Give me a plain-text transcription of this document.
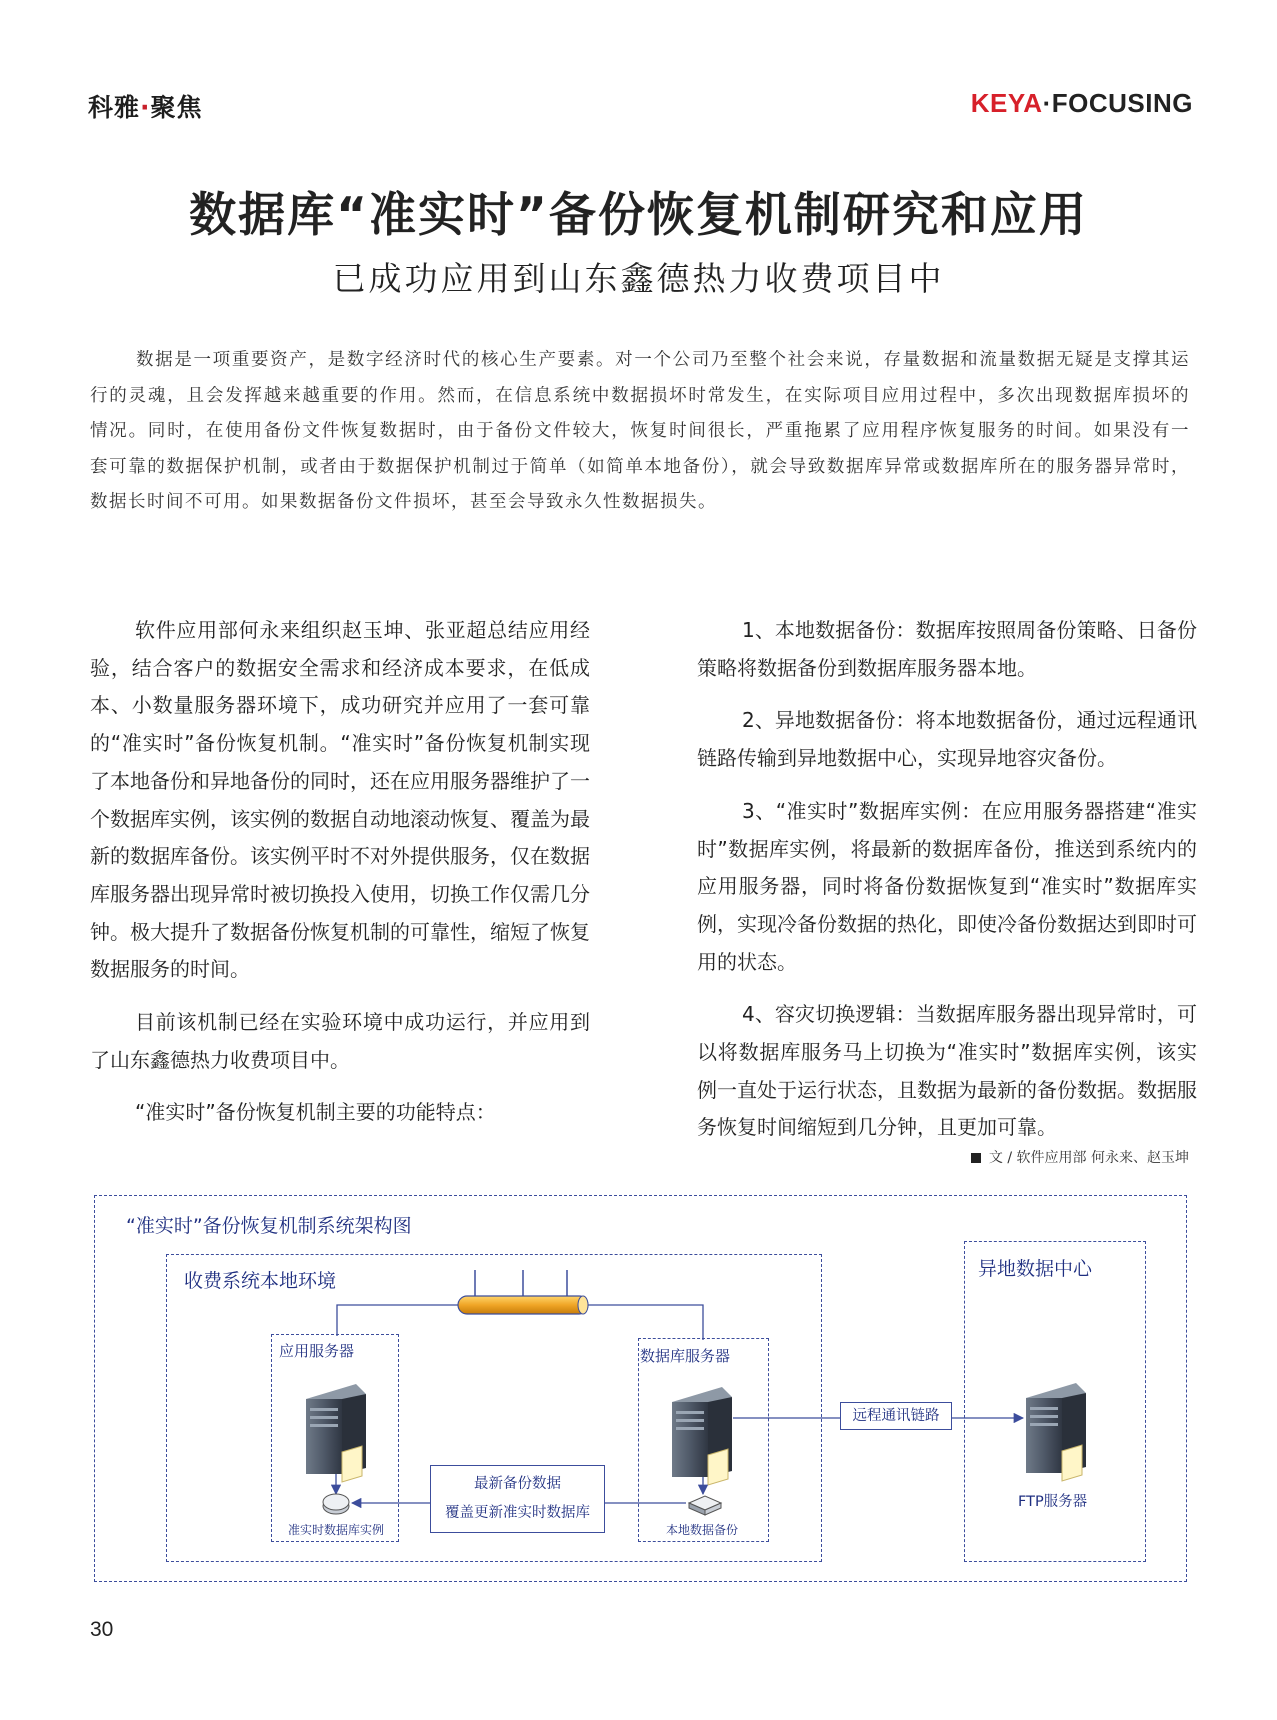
科雅·聚焦	KEYA·FOCUSING
数据库“准实时”备份恢复机制研究和应用
已成功应用到山东鑫德热力收费项目中

数据是一项重要资产，是数字经济时代的核心生产要素。对一个公司乃至整个社会来说，存量数据和流量数据无疑是支撑其运行的灵魂，且会发挥越来越重要的作用。然而，在信息系统中数据损坏时常发生，在实际项目应用过程中，多次出现数据库损坏的情况。同时，在使用备份文件恢复数据时，由于备份文件较大，恢复时间很长，严重拖累了应用程序恢复服务的时间。如果没有一套可靠的数据保护机制，或者由于数据保护机制过于简单（如简单本地备份），就会导致数据库异常或数据库所在的服务器异常时，数据长时间不可用。如果数据备份文件损坏，甚至会导致永久性数据损失。

软件应用部何永来组织赵玉坤、张亚超总结应用经验，结合客户的数据安全需求和经济成本要求，在低成本、小数量服务器环境下，成功研究并应用了一套可靠的“准实时”备份恢复机制。“准实时”备份恢复机制实现了本地备份和异地备份的同时，还在应用服务器维护了一个数据库实例，该实例的数据自动地滚动恢复、覆盖为最新的数据库备份。该实例平时不对外提供服务，仅在数据库服务器出现异常时被切换投入使用，切换工作仅需几分钟。极大提升了数据备份恢复机制的可靠性，缩短了恢复数据服务的时间。

目前该机制已经在实验环境中成功运行，并应用到了山东鑫德热力收费项目中。

“准实时”备份恢复机制主要的功能特点：

1、本地数据备份：数据库按照周备份策略、日备份策略将数据备份到数据库服务器本地。

2、异地数据备份：将本地数据备份，通过远程通讯链路传输到异地数据中心，实现异地容灾备份。

3、“准实时”数据库实例：在应用服务器搭建“准实时”数据库实例，将最新的数据库备份，推送到系统内的应用服务器，同时将备份数据恢复到“准实时”数据库实例，实现冷备份数据的热化，即使冷备份数据达到即时可用的状态。

4、容灾切换逻辑：当数据库服务器出现异常时，可以将数据库服务马上切换为“准实时”数据库实例，该实例一直处于运行状态，且数据为最新的备份数据。数据服务恢复时间缩短到几分钟，且更加可靠。

文 / 软件应用部 何永来、赵玉坤
“准实时”备份恢复机制系统架构图
收费系统本地环境
异地数据中心
应用服务器	数据库服务器
准实时数据库实例	本地数据备份
最新备份数据
覆盖更新准实时数据库
远程通讯链路
FTP服务器
30
